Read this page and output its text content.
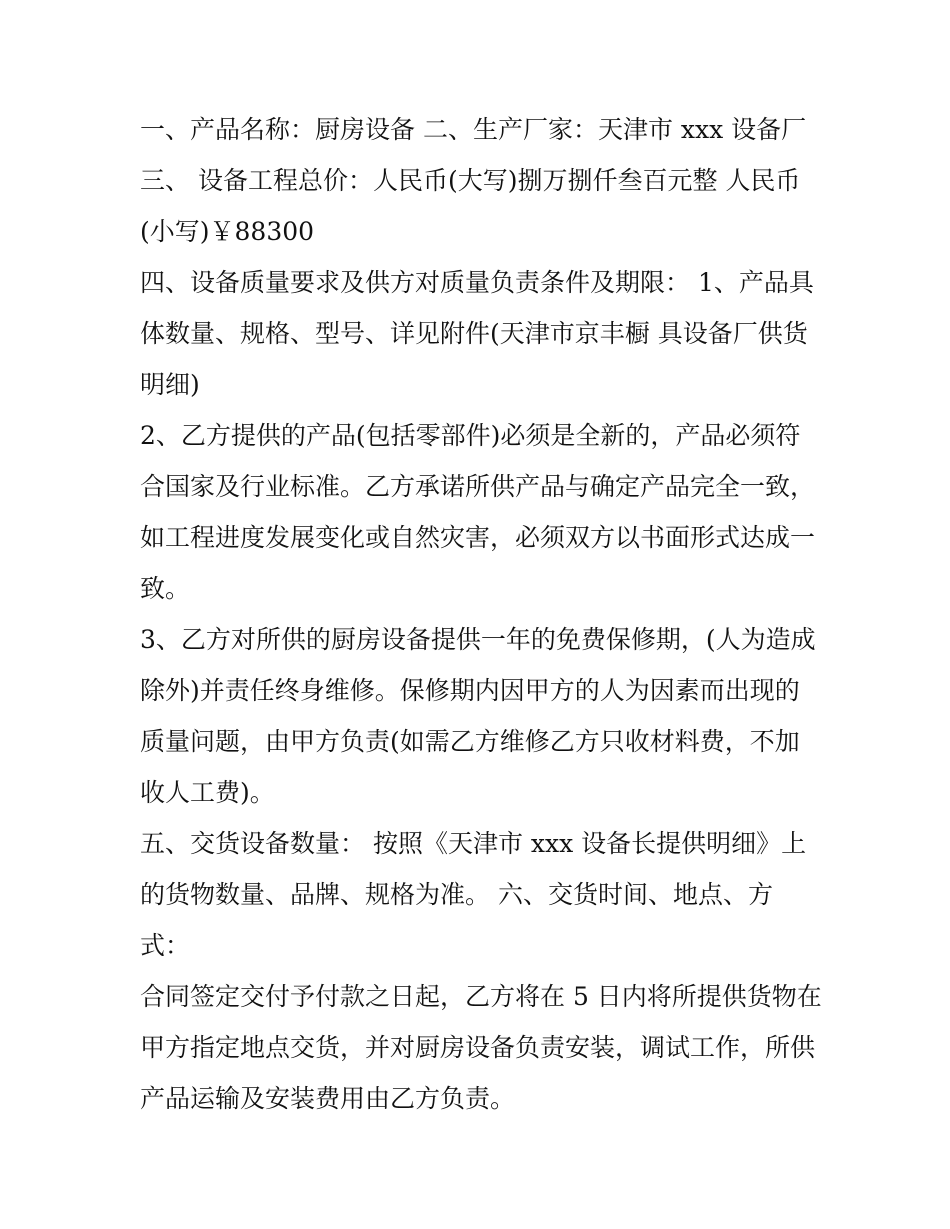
一、产品名称：厨房设备 二、生产厂家：天津市 xxx 设备厂
三、 设备工程总价：人民币(大写)捌万捌仟叁百元整 人民币
(小写)￥88300
四、设备质量要求及供方对质量负责条件及期限： 1、产品具
体数量、规格、型号、详见附件(天津市京丰橱 具设备厂供货
明细)
2、乙方提供的产品(包括零部件)必须是全新的，产品必须符
合国家及行业标准。乙方承诺所供产品与确定产品完全一致，
如工程进度发展变化或自然灾害，必须双方以书面形式达成一
致。
3、乙方对所供的厨房设备提供一年的免费保修期，(人为造成
除外)并责任终身维修。保修期内因甲方的人为因素而出现的
质量问题，由甲方负责(如需乙方维修乙方只收材料费，不加
收人工费)。
五、交货设备数量： 按照《天津市 xxx 设备长提供明细》上
的货物数量、品牌、规格为准。 六、交货时间、地点、方
式：
合同签定交付予付款之日起，乙方将在 5 日内将所提供货物在
甲方指定地点交货，并对厨房设备负责安装，调试工作，所供
产品运输及安装费用由乙方负责。
